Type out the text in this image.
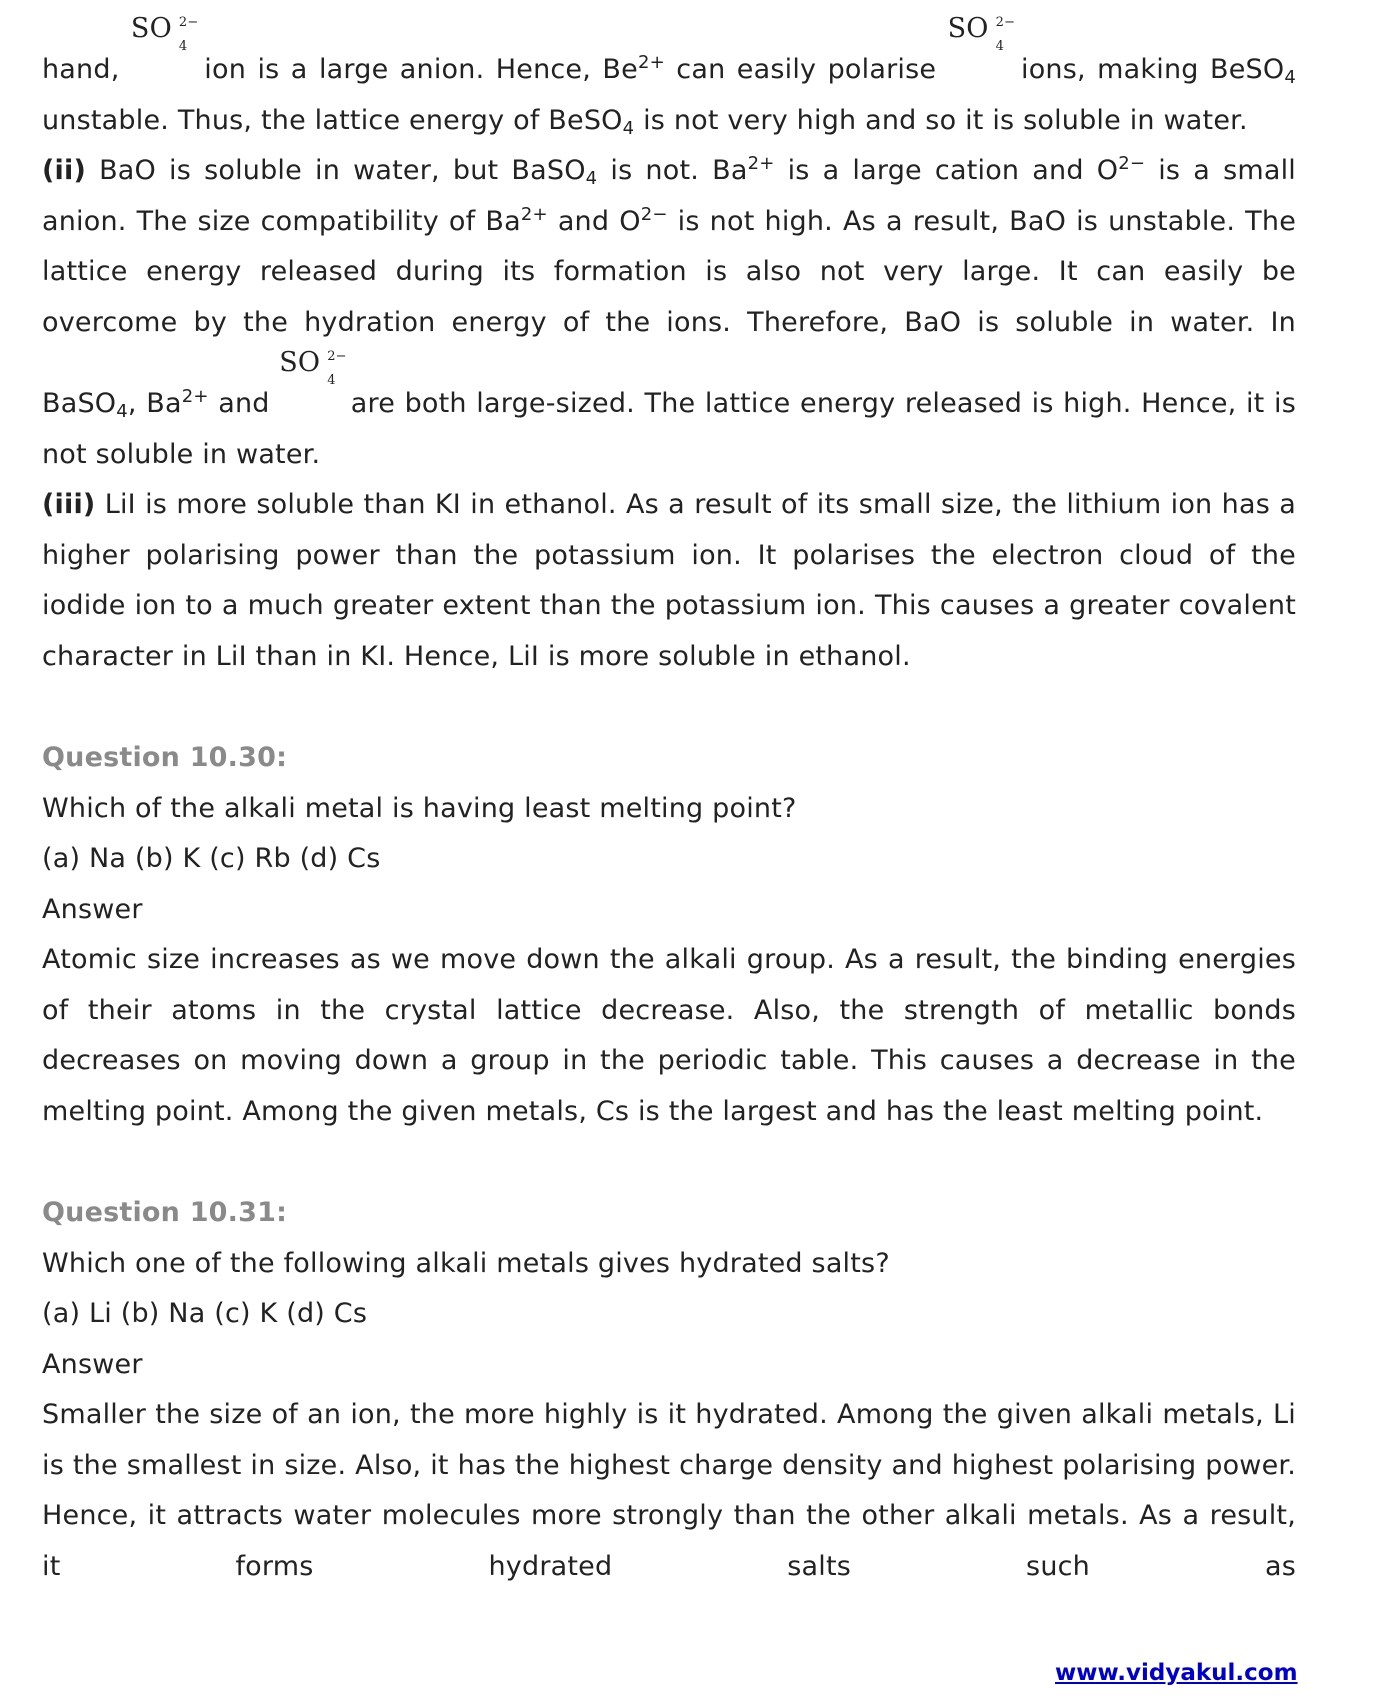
hand,
SO 2−
4
ion is a large anion. Hence, $Be^{2+}$ can easily polarise
SO 2−
4
ions, making BeSO$_4$ unstable. Thus, the lattice energy of BeSO$_4$ is not very high and so it is soluble in water.

(ii) BaO is soluble in water, but BaSO$_4$ is not. $Ba^{2+}$ is a large cation and $O^{2-}$ is a small anion. The size compatibility of $Ba^{2+}$ and $O^{2-}$ is not high. As a result, BaO is unstable. The lattice energy released during its formation is also not very large. It can easily be overcome by the hydration energy of the ions. Therefore, BaO is soluble in water. In BaSO$_4$, $Ba^{2+}$ and
SO 2−
4
are both large-sized. The lattice energy released is high. Hence, it is not soluble in water.

(iii) LiI is more soluble than KI in ethanol. As a result of its small size, the lithium ion has a higher polarising power than the potassium ion. It polarises the electron cloud of the iodide ion to a much greater extent than the potassium ion. This causes a greater covalent character in LiI than in KI. Hence, LiI is more soluble in ethanol.

Question 10.30:

Which of the alkali metal is having least melting point?

(a) Na (b) K (c) Rb (d) Cs

Answer

Atomic size increases as we move down the alkali group. As a result, the binding energies of their atoms in the crystal lattice decrease. Also, the strength of metallic bonds decreases on moving down a group in the periodic table. This causes a decrease in the melting point. Among the given metals, Cs is the largest and has the least melting point.

Question 10.31:

Which one of the following alkali metals gives hydrated salts?

(a) Li (b) Na (c) K (d) Cs

Answer

Smaller the size of an ion, the more highly is it hydrated. Among the given alkali metals, Li is the smallest in size. Also, it has the highest charge density and highest polarising power. Hence, it attracts water molecules more strongly than the other alkali metals. As a result, it forms hydrated salts such as

www.vidyakul.com
